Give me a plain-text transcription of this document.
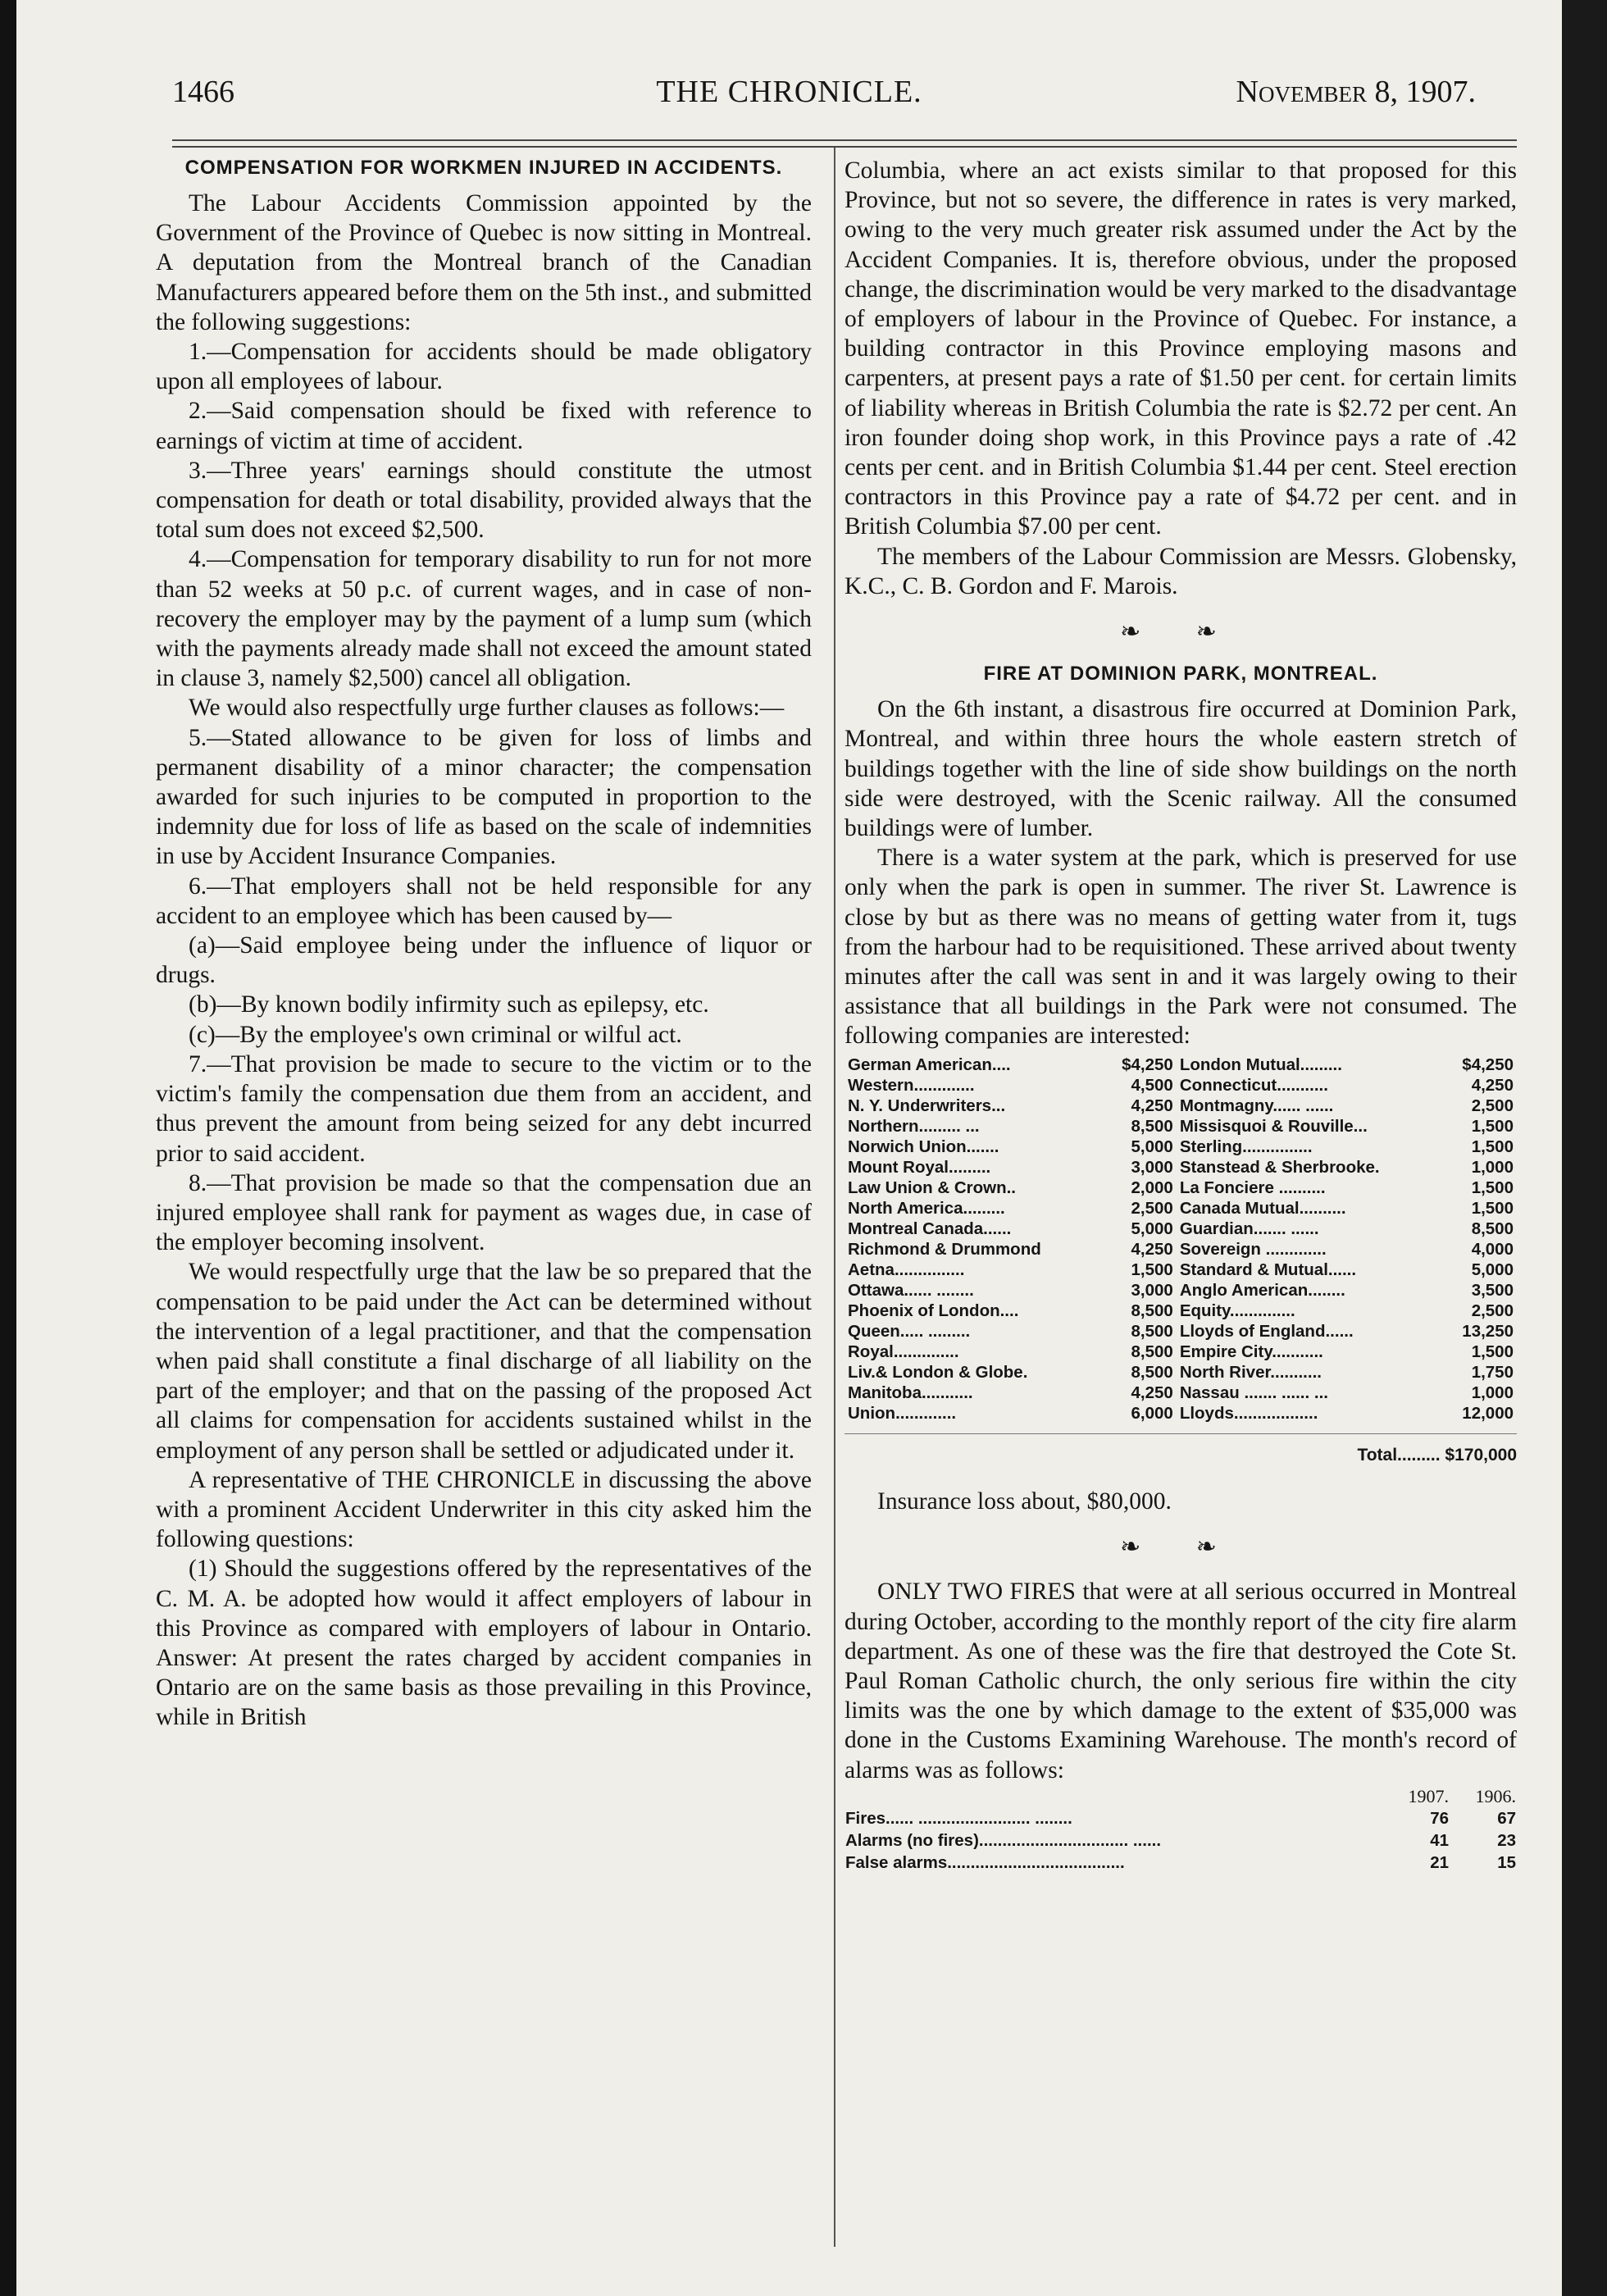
1466	THE CHRONICLE.	November 8, 1907.
COMPENSATION FOR WORKMEN INJURED IN ACCIDENTS.

The Labour Accidents Commission appointed by the Government of the Province of Quebec is now sitting in Montreal. A deputation from the Montreal branch of the Canadian Manufacturers appeared before them on the 5th inst., and submitted the following suggestions:

1.—Compensation for accidents should be made obligatory upon all employees of labour.

2.—Said compensation should be fixed with reference to earnings of victim at time of accident.

3.—Three years' earnings should constitute the utmost compensation for death or total disability, provided always that the total sum does not exceed $2,500.

4.—Compensation for temporary disability to run for not more than 52 weeks at 50 p.c. of current wages, and in case of non-recovery the employer may by the payment of a lump sum (which with the payments already made shall not exceed the amount stated in clause 3, namely $2,500) cancel all obligation.

We would also respectfully urge further clauses as follows:—

5.—Stated allowance to be given for loss of limbs and permanent disability of a minor character; the compensation awarded for such injuries to be computed in proportion to the indemnity due for loss of life as based on the scale of indemnities in use by Accident Insurance Companies.

6.—That employers shall not be held responsible for any accident to an employee which has been caused by—

(a)—Said employee being under the influence of liquor or drugs.

(b)—By known bodily infirmity such as epilepsy, etc.

(c)—By the employee's own criminal or wilful act.

7.—That provision be made to secure to the victim or to the victim's family the compensation due them from an accident, and thus prevent the amount from being seized for any debt incurred prior to said accident.

8.—That provision be made so that the compensation due an injured employee shall rank for payment as wages due, in case of the employer becoming insolvent.

We would respectfully urge that the law be so prepared that the compensation to be paid under the Act can be determined without the intervention of a legal practitioner, and that the compensation when paid shall constitute a final discharge of all liability on the part of the employer; and that on the passing of the proposed Act all claims for compensation for accidents sustained whilst in the employment of any person shall be settled or adjudicated under it.

A representative of THE CHRONICLE in discussing the above with a prominent Accident Underwriter in this city asked him the following questions:

(1) Should the suggestions offered by the representatives of the C. M. A. be adopted how would it affect employers of labour in this Province as compared with employers of labour in Ontario. Answer: At present the rates charged by accident companies in Ontario are on the same basis as those prevailing in this Province, while in British

Columbia, where an act exists similar to that proposed for this Province, but not so severe, the difference in rates is very marked, owing to the very much greater risk assumed under the Act by the Accident Companies. It is, therefore obvious, under the proposed change, the discrimination would be very marked to the disadvantage of employers of labour in the Province of Quebec. For instance, a building contractor in this Province employing masons and carpenters, at present pays a rate of $1.50 per cent. for certain limits of liability whereas in British Columbia the rate is $2.72 per cent. An iron founder doing shop work, in this Province pays a rate of .42 cents per cent. and in British Columbia $1.44 per cent. Steel erection contractors in this Province pay a rate of $4.72 per cent. and in British Columbia $7.00 per cent.

The members of the Labour Commission are Messrs. Globensky, K.C., C. B. Gordon and F. Marois.

❧ ❧
FIRE AT DOMINION PARK, MONTREAL.

On the 6th instant, a disastrous fire occurred at Dominion Park, Montreal, and within three hours the whole eastern stretch of buildings together with the line of side show buildings on the north side were destroyed, with the Scenic railway. All the consumed buildings were of lumber.

There is a water system at the park, which is preserved for use only when the park is open in summer. The river St. Lawrence is close by but as there was no means of getting water from it, tugs from the harbour had to be requisitioned. These arrived about twenty minutes after the call was sent in and it was largely owing to their assistance that all buildings in the Park were not consumed. The following companies are interested:

German American....	$4,250	London Mutual.........	$4,250
Western.............	4,500	Connecticut...........	4,250
N. Y. Underwriters...	4,250	Montmagny...... ......	2,500
Northern......... ...	8,500	Missisquoi & Rouville...	1,500
Norwich Union.......	5,000	Sterling...............	1,500
Mount Royal.........	3,000	Stanstead & Sherbrooke.	1,000
Law Union & Crown..	2,000	La Fonciere ..........	1,500
North America.........	2,500	Canada Mutual..........	1,500
Montreal Canada......	5,000	Guardian....... ......	8,500
Richmond & Drummond	4,250	Sovereign .............	4,000
Aetna...............	1,500	Standard & Mutual......	5,000
Ottawa...... ........	3,000	Anglo American........	3,500
Phoenix of London....	8,500	Equity..............	2,500
Queen..... .........	8,500	Lloyds of England......	13,250
Royal..............	8,500	Empire City...........	1,500
Liv.& London & Globe.	8,500	North River...........	1,750
Manitoba...........	4,250	Nassau ....... ...... ...	1,000
Union.............	6,000	Lloyds..................	12,000
Total......... $170,000

Insurance loss about, $80,000.

❧ ❧

ONLY TWO FIRES that were at all serious occurred in Montreal during October, according to the monthly report of the city fire alarm department. As one of these was the fire that destroyed the Cote St. Paul Roman Catholic church, the only serious fire within the city limits was the one by which damage to the extent of $35,000 was done in the Customs Examining Warehouse. The month's record of alarms was as follows:

	1907.	1906.
Fires...... ........................ ........	76	67
Alarms (no fires)................................ ......	41	23
False alarms......................................	21	15
